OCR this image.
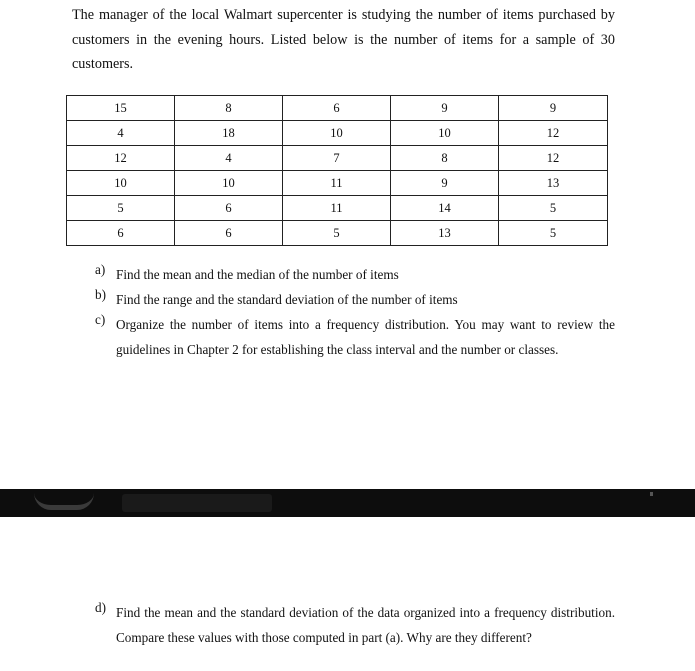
The manager of the local Walmart supercenter is studying the number of items purchased by customers in the evening hours. Listed below is the number of items for a sample of 30 customers.

15	8	6	9	9
4	18	10	10	12
12	4	7	8	12
10	10	11	9	13
5	6	11	14	5
6	6	5	13	5
a) Find the mean and the median of the number of items
b) Find the range and the standard deviation of the number of items
c) Organize the number of items into a frequency distribution. You may want to review the guidelines in Chapter 2 for establishing the class interval and the number or classes.
d) Find the mean and the standard deviation of the data organized into a frequency distribution. Compare these values with those computed in part (a). Why are they different?
